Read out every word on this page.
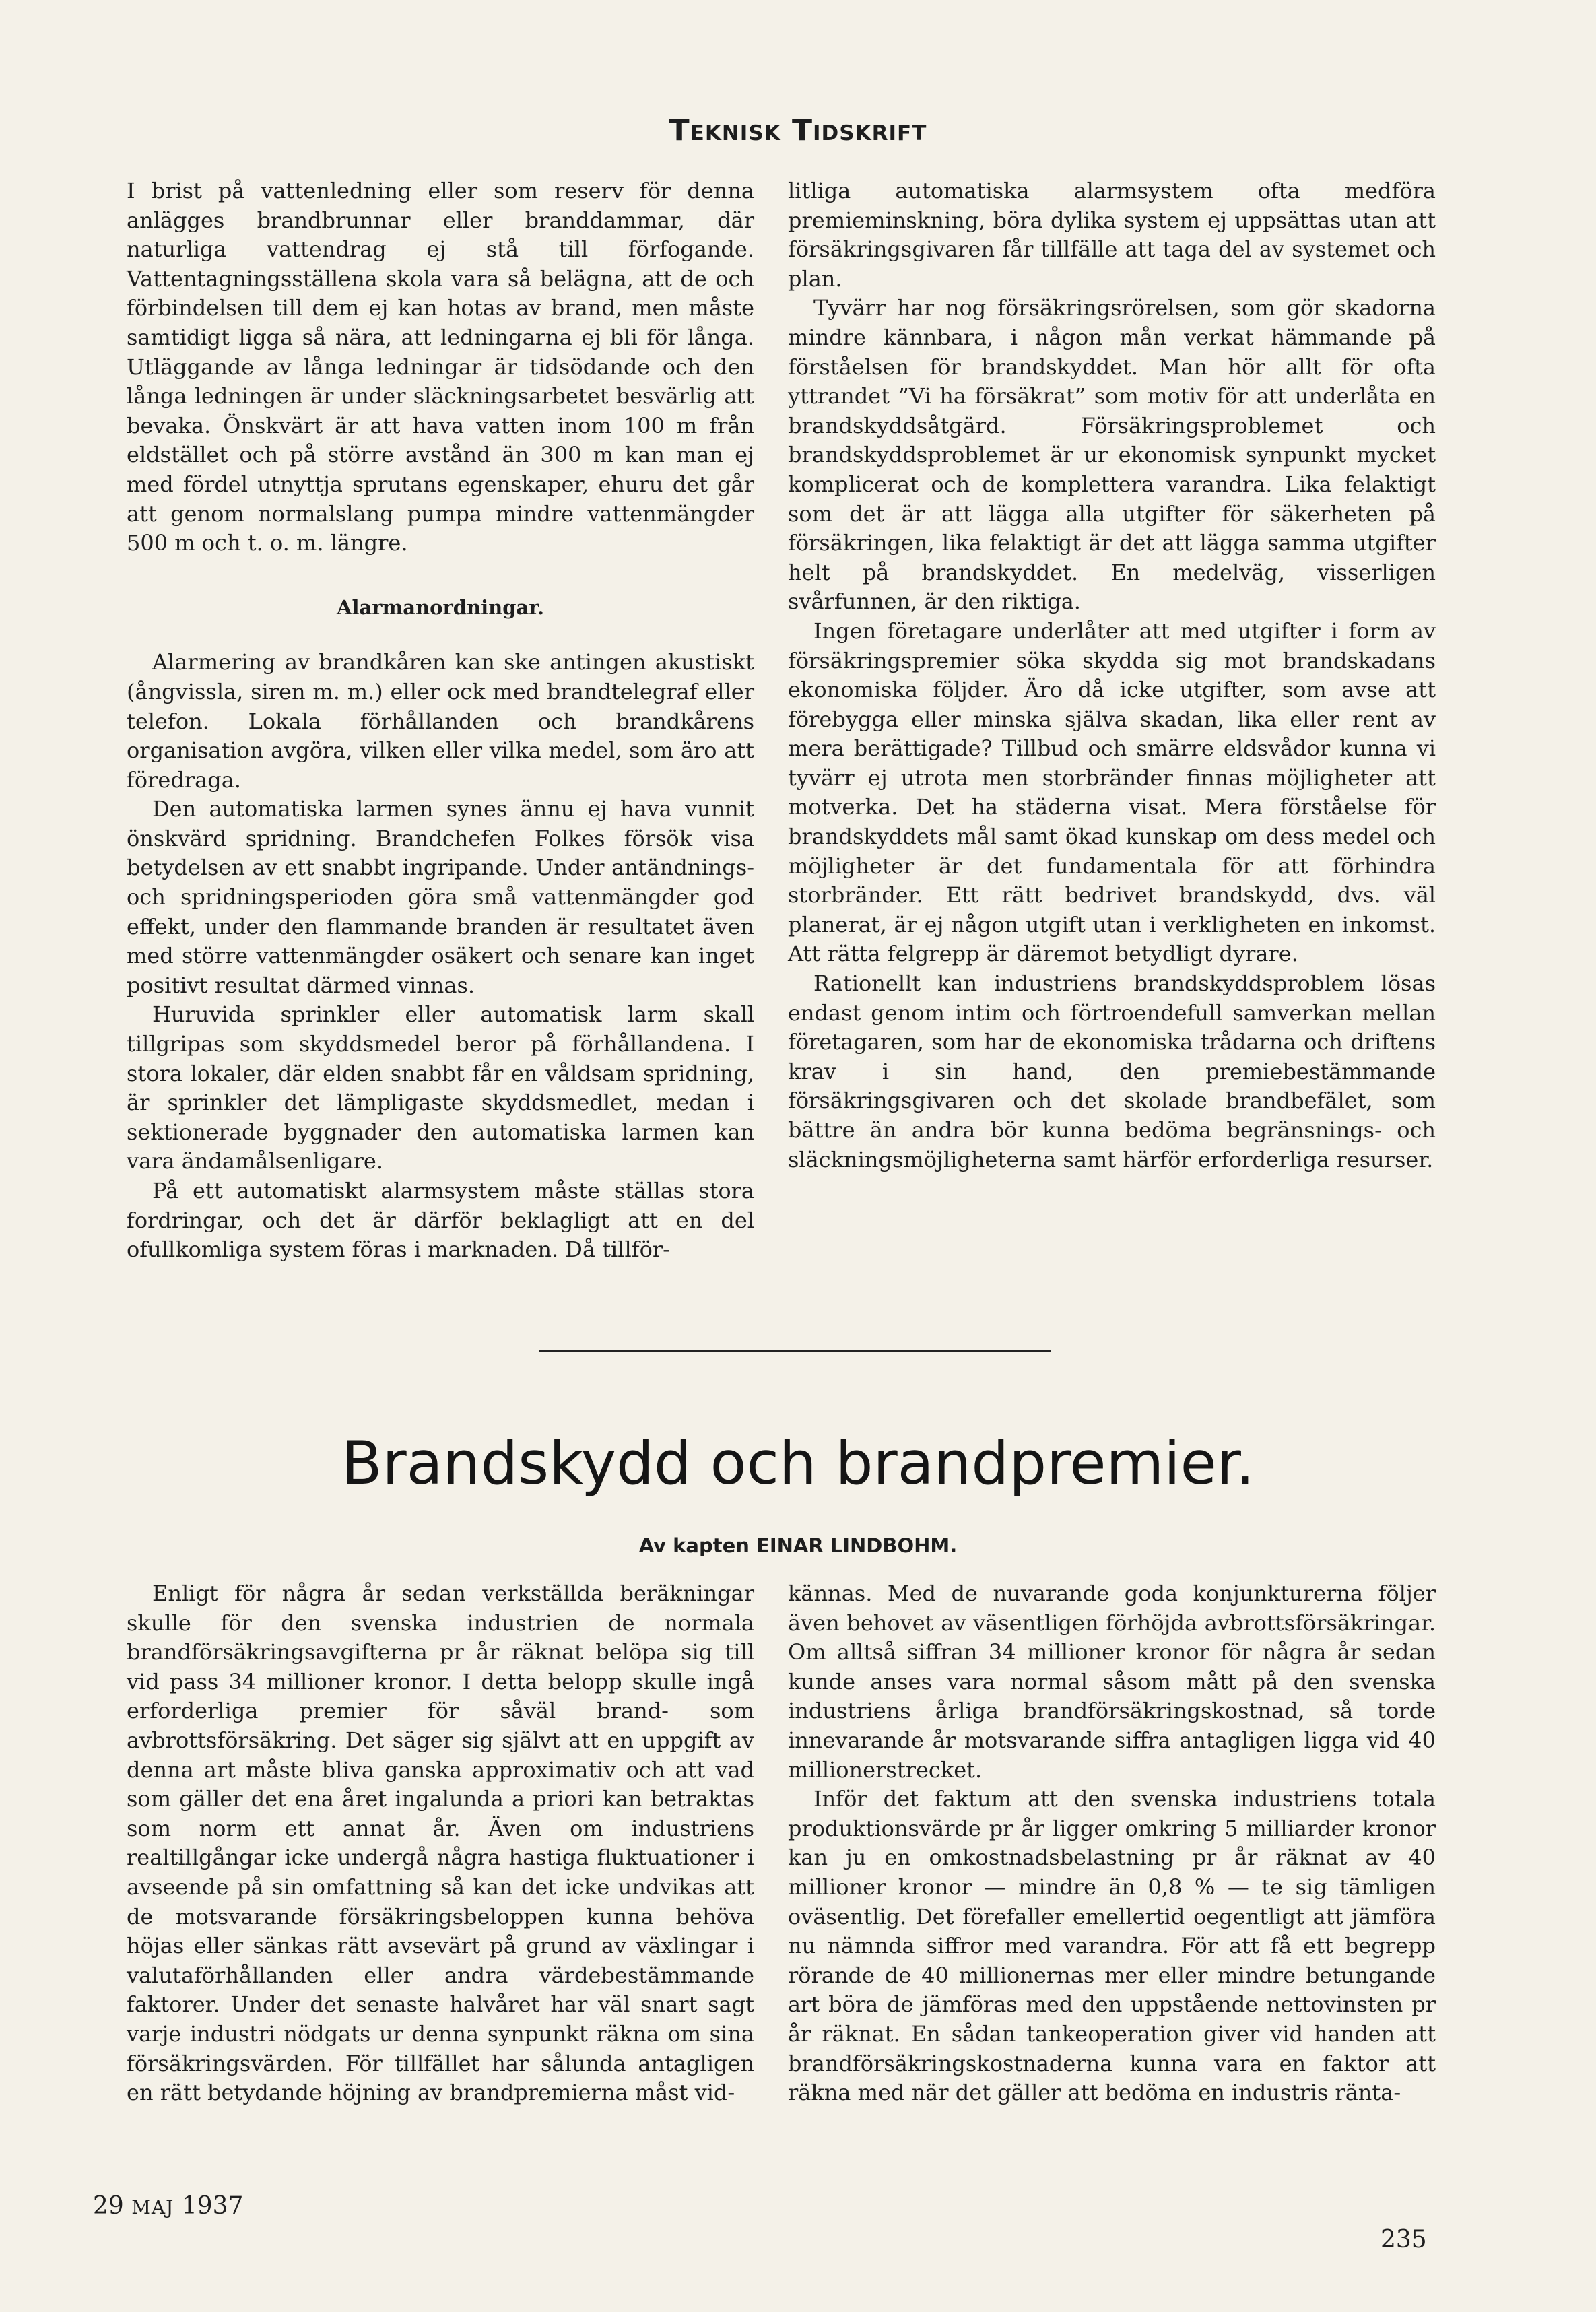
Teknisk Tidskrift

I brist på vattenledning eller som reserv för denna anlägges brandbrunnar eller branddammar, där naturliga vattendrag ej stå till förfogande. Vattentagningsställena skola vara så belägna, att de och förbindelsen till dem ej kan hotas av brand, men måste samtidigt ligga så nära, att ledningarna ej bli för långa. Utläggande av långa ledningar är tidsödande och den långa ledningen är under släckningsarbetet besvärlig att bevaka. Önskvärt är att hava vatten inom 100 m från eldstället och på större avstånd än 300 m kan man ej med fördel utnyttja sprutans egenskaper, ehuru det går att genom normalslang pumpa mindre vattenmängder 500 m och t. o. m. längre.

Alarmanordningar.

Alarmering av brandkåren kan ske antingen akustiskt (ångvissla, siren m. m.) eller ock med brandtelegraf eller telefon. Lokala förhållanden och brandkårens organisation avgöra, vilken eller vilka medel, som äro att föredraga.

Den automatiska larmen synes ännu ej hava vunnit önskvärd spridning. Brandchefen Folkes försök visa betydelsen av ett snabbt ingripande. Under antändnings- och spridningsperioden göra små vattenmängder god effekt, under den flammande branden är resultatet även med större vattenmängder osäkert och senare kan inget positivt resultat därmed vinnas.

Huruvida sprinkler eller automatisk larm skall tillgripas som skyddsmedel beror på förhållandena. I stora lokaler, där elden snabbt får en våldsam spridning, är sprinkler det lämpligaste skyddsmedlet, medan i sektionerade byggnader den automatiska larmen kan vara ändamålsenligare.

På ett automatiskt alarmsystem måste ställas stora fordringar, och det är därför beklagligt att en del ofullkomliga system föras i marknaden. Då tillför-

litliga automatiska alarmsystem ofta medföra premieminskning, böra dylika system ej uppsättas utan att försäkringsgivaren får tillfälle att taga del av systemet och plan.

Tyvärr har nog försäkringsrörelsen, som gör skadorna mindre kännbara, i någon mån verkat hämmande på förståelsen för brandskyddet. Man hör allt för ofta yttrandet ”Vi ha försäkrat” som motiv för att underlåta en brandskyddsåtgärd. Försäkringsproblemet och brandskyddsproblemet är ur ekonomisk synpunkt mycket komplicerat och de komplettera varandra. Lika felaktigt som det är att lägga alla utgifter för säkerheten på försäkringen, lika felaktigt är det att lägga samma utgifter helt på brandskyddet. En medelväg, visserligen svårfunnen, är den riktiga.

Ingen företagare underlåter att med utgifter i form av försäkringspremier söka skydda sig mot brandskadans ekonomiska följder. Äro då icke utgifter, som avse att förebygga eller minska själva skadan, lika eller rent av mera berättigade? Tillbud och smärre eldsvådor kunna vi tyvärr ej utrota men storbränder finnas möjligheter att motverka. Det ha städerna visat. Mera förståelse för brandskyddets mål samt ökad kunskap om dess medel och möjligheter är det fundamentala för att förhindra storbränder. Ett rätt bedrivet brandskydd, dvs. väl planerat, är ej någon utgift utan i verkligheten en inkomst. Att rätta felgrepp är däremot betydligt dyrare.

Rationellt kan industriens brandskyddsproblem lösas endast genom intim och förtroendefull samverkan mellan företagaren, som har de ekonomiska trådarna och driftens krav i sin hand, den premiebestämmande försäkringsgivaren och det skolade brandbefälet, som bättre än andra bör kunna bedöma begränsnings- och släckningsmöjligheterna samt härför erforderliga resurser.

Brandskydd och brandpremier.
Av kapten EINAR LINDBOHM.

Enligt för några år sedan verkställda beräkningar skulle för den svenska industrien de normala brandförsäkringsavgifterna pr år räknat belöpa sig till vid pass 34 millioner kronor. I detta belopp skulle ingå erforderliga premier för såväl brand- som avbrottsförsäkring. Det säger sig självt att en uppgift av denna art måste bliva ganska approximativ och att vad som gäller det ena året ingalunda a priori kan betraktas som norm ett annat år. Även om industriens realtillgångar icke undergå några hastiga fluktuationer i avseende på sin omfattning så kan det icke undvikas att de motsvarande försäkringsbeloppen kunna behöva höjas eller sänkas rätt avsevärt på grund av växlingar i valutaförhållanden eller andra värdebestämmande faktorer. Under det senaste halvåret har väl snart sagt varje industri nödgats ur denna synpunkt räkna om sina försäkringsvärden. För tillfället har sålunda antagligen en rätt betydande höjning av brandpremierna måst vid-

kännas. Med de nuvarande goda konjunkturerna följer även behovet av väsentligen förhöjda avbrottsförsäkringar. Om alltså siffran 34 millioner kronor för några år sedan kunde anses vara normal såsom mått på den svenska industriens årliga brandförsäkringskostnad, så torde innevarande år motsvarande siffra antagligen ligga vid 40 millionerstrecket.

Inför det faktum att den svenska industriens totala produktionsvärde pr år ligger omkring 5 milliarder kronor kan ju en omkostnadsbelastning pr år räknat av 40 millioner kronor — mindre än 0,8 % — te sig tämligen oväsentlig. Det förefaller emellertid oegentligt att jämföra nu nämnda siffror med varandra. För att få ett begrepp rörande de 40 millionernas mer eller mindre betungande art böra de jämföras med den uppstående nettovinsten pr år räknat. En sådan tankeoperation giver vid handen att brandförsäkringskostnaderna kunna vara en faktor att räkna med när det gäller att bedöma en industris ränta-

29 MAJ 1937
235
